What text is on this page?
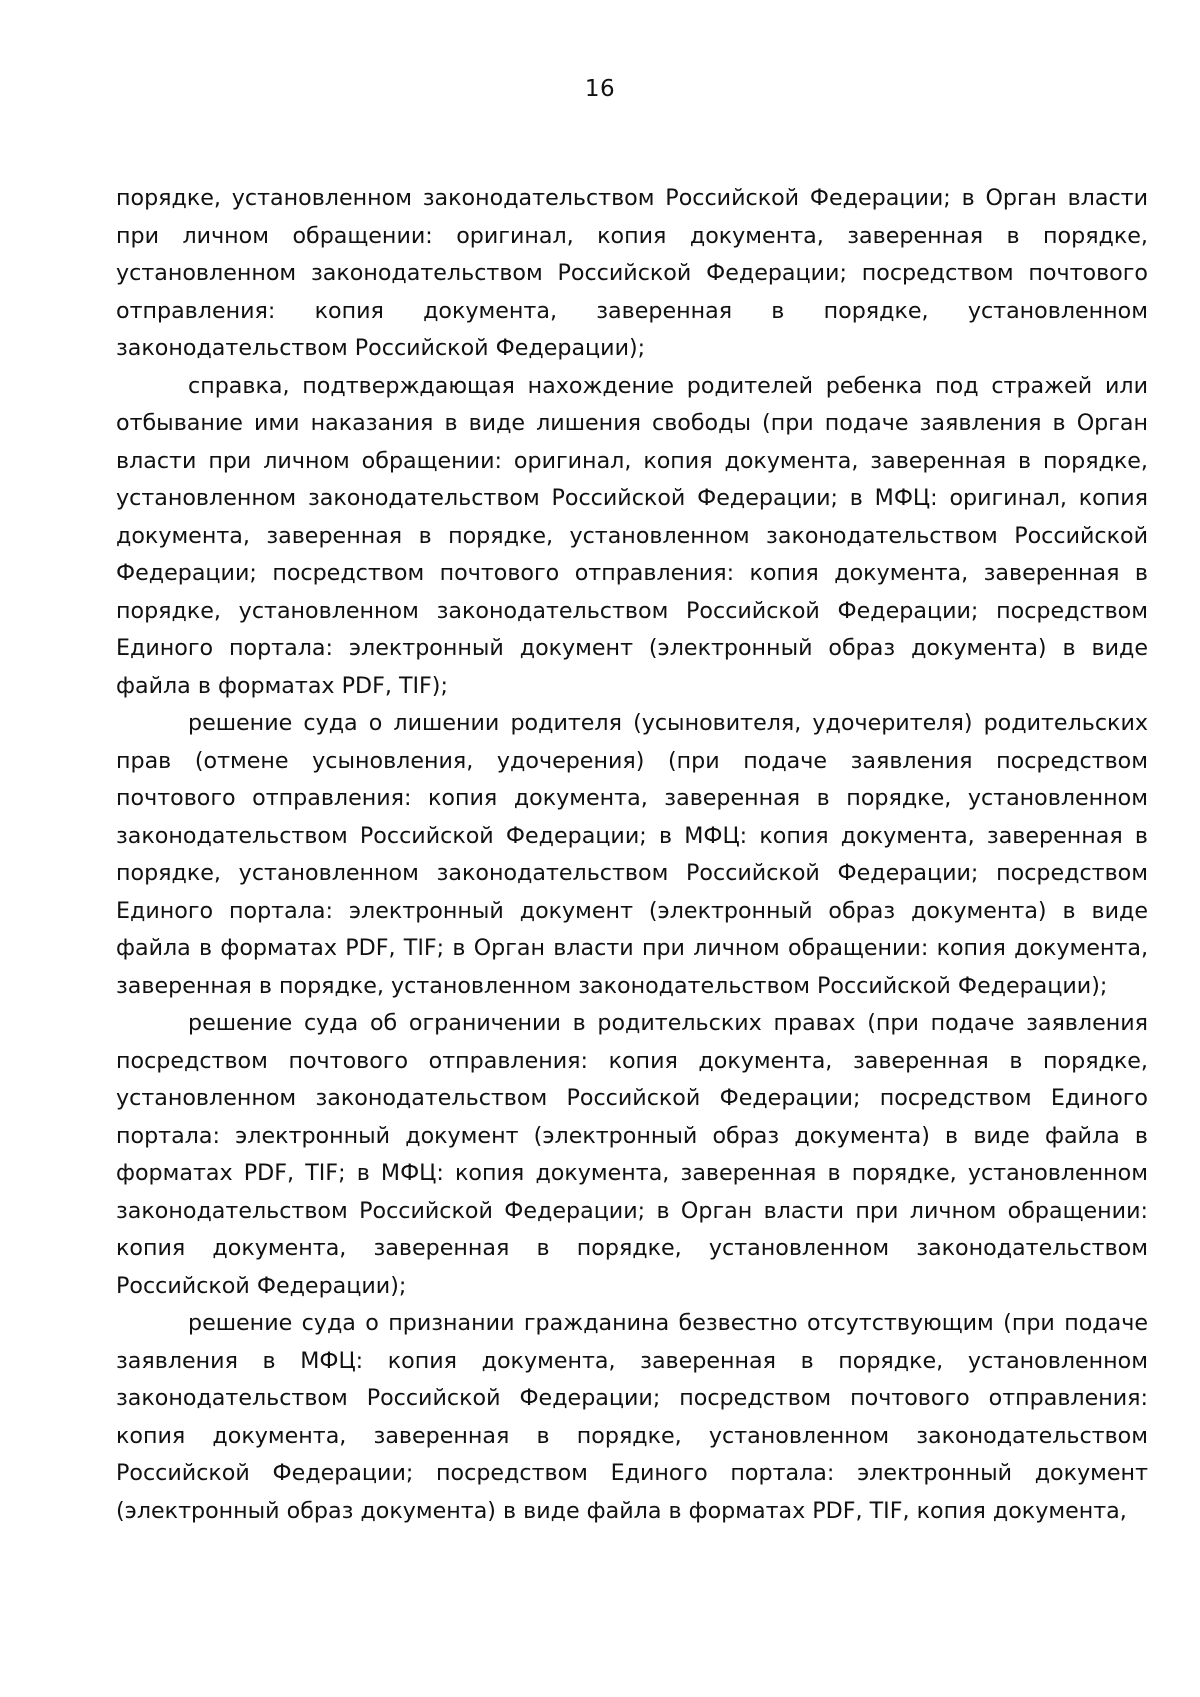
16

порядке, установленном законодательством Российской Федерации; в Орган власти при личном обращении: оригинал, копия документа, заверенная в порядке, установленном законодательством Российской Федерации; посредством почтового отправления: копия документа, заверенная в порядке, установленном законодательством Российской Федерации);

справка, подтверждающая нахождение родителей ребенка под стражей или отбывание ими наказания в виде лишения свободы (при подаче заявления в Орган власти при личном обращении: оригинал, копия документа, заверенная в порядке, установленном законодательством Российской Федерации; в МФЦ: оригинал, копия документа, заверенная в порядке, установленном законодательством Российской Федерации; посредством почтового отправления: копия документа, заверенная в порядке, установленном законодательством Российской Федерации; посредством Единого портала: электронный документ (электронный образ документа) в виде файла в форматах PDF, TIF);

решение суда о лишении родителя (усыновителя, удочерителя) родительских прав (отмене усыновления, удочерения) (при подаче заявления посредством почтового отправления: копия документа, заверенная в порядке, установленном законодательством Российской Федерации; в МФЦ: копия документа, заверенная в порядке, установленном законодательством Российской Федерации; посредством Единого портала: электронный документ (электронный образ документа) в виде файла в форматах PDF, TIF; в Орган власти при личном обращении: копия документа, заверенная в порядке, установленном законодательством Российской Федерации);

решение суда об ограничении в родительских правах (при подаче заявления посредством почтового отправления: копия документа, заверенная в порядке, установленном законодательством Российской Федерации; посредством Единого портала: электронный документ (электронный образ документа) в виде файла в форматах PDF, TIF; в МФЦ: копия документа, заверенная в порядке, установленном законодательством Российской Федерации; в Орган власти при личном обращении: копия документа, заверенная в порядке, установленном законодательством Российской Федерации);

решение суда о признании гражданина безвестно отсутствующим (при подаче заявления в МФЦ: копия документа, заверенная в порядке, установленном законодательством Российской Федерации; посредством почтового отправления: копия документа, заверенная в порядке, установленном законодательством Российской Федерации; посредством Единого портала: электронный документ (электронный образ документа) в виде файла в форматах PDF, TIF, копия документа,
